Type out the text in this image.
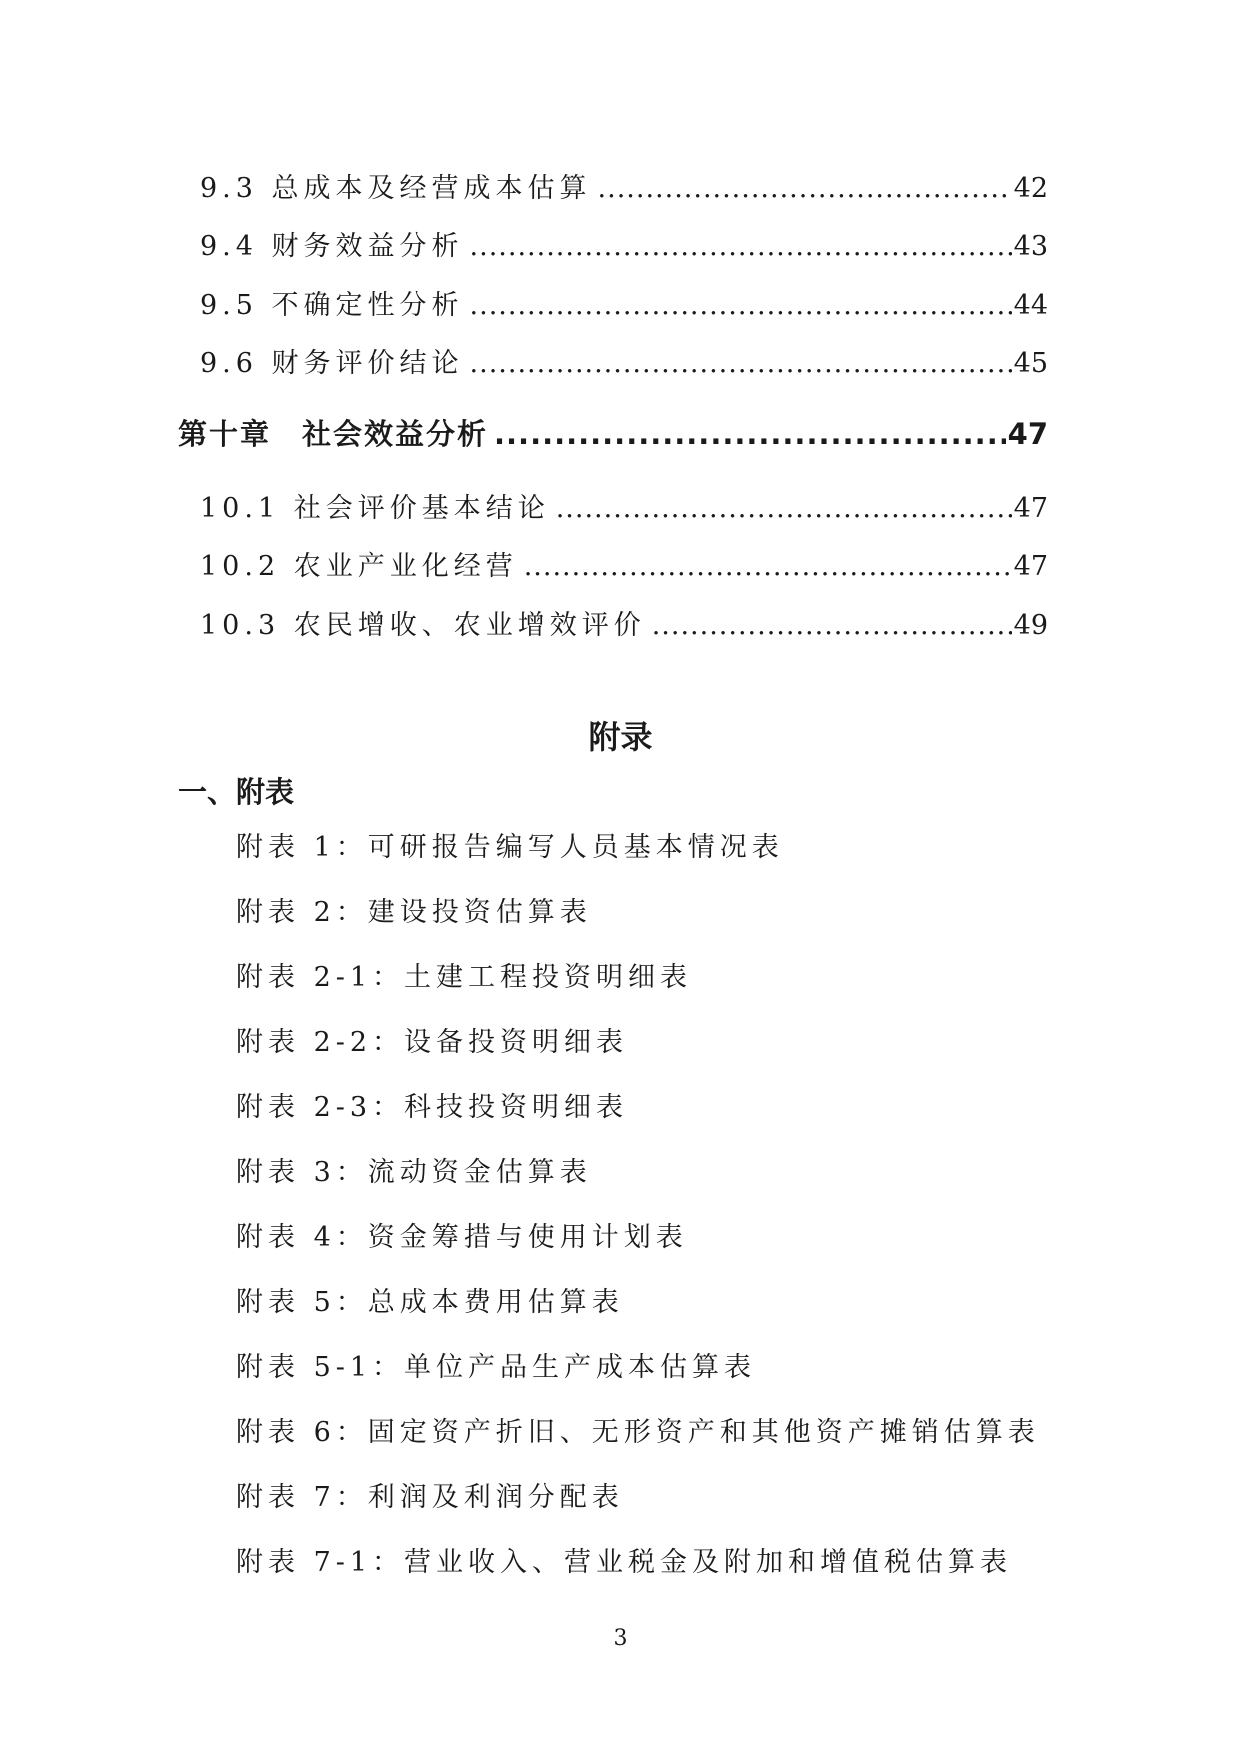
9.3 总成本及经营成本估算 .....	42
9.4 财务效益分析 .....	43
9.5 不确定性分析 .....	44
9.6 财务评价结论 .....	45
第十章　社会效益分析 .....	47
10.1 社会评价基本结论 .....	47
10.2 农业产业化经营 .....	47
10.3 农民增收、农业增效评价 .....	49
附录
一、附表
附表 1：可研报告编写人员基本情况表
附表 2：建设投资估算表
附表 2-1：土建工程投资明细表
附表 2-2：设备投资明细表
附表 2-3：科技投资明细表
附表 3：流动资金估算表
附表 4：资金筹措与使用计划表
附表 5：总成本费用估算表
附表 5-1：单位产品生产成本估算表
附表 6：固定资产折旧、无形资产和其他资产摊销估算表
附表 7：利润及利润分配表
附表 7-1：营业收入、营业税金及附加和增值税估算表
3
